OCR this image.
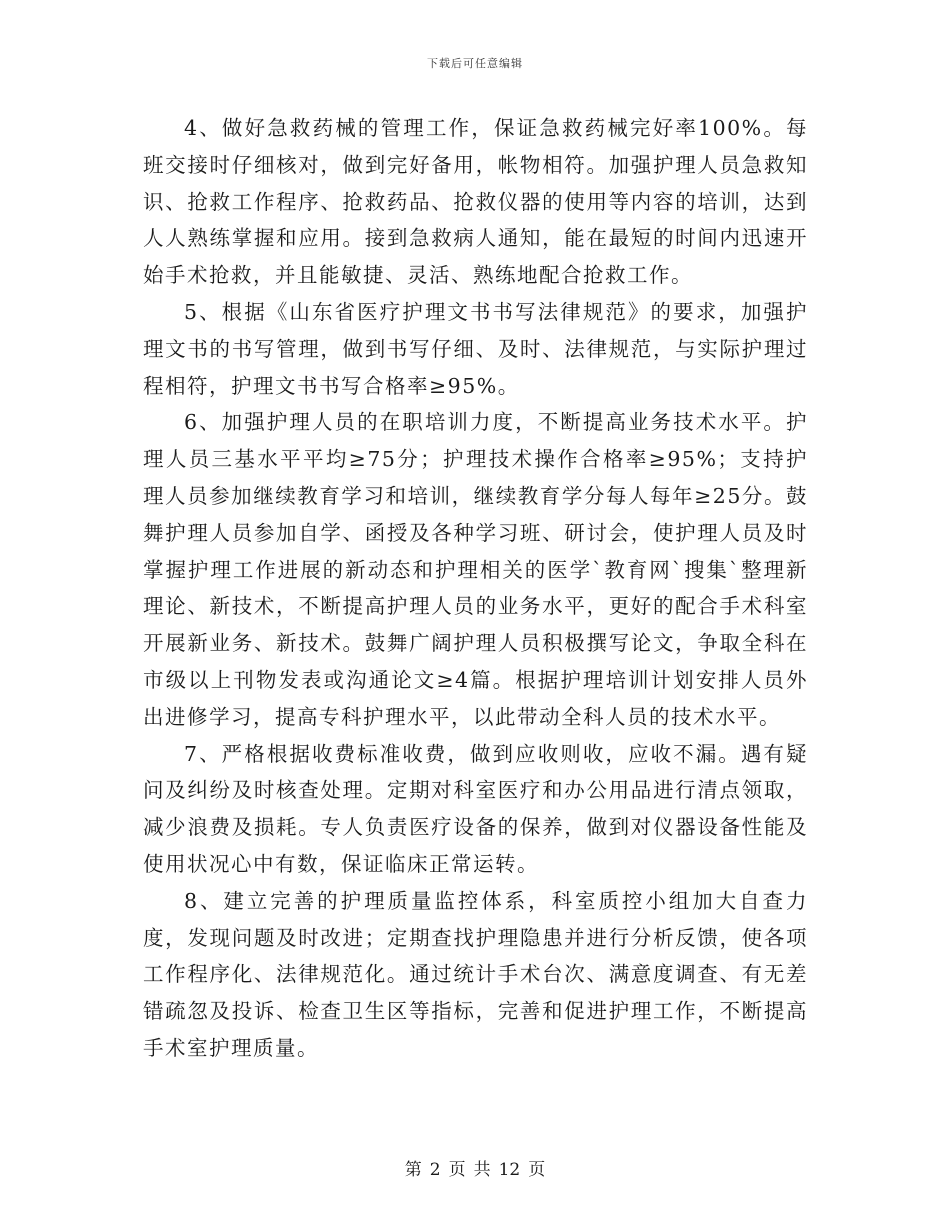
下载后可任意编辑

4、做好急救药械的管理工作，保证急救药械完好率100%。每班交接时仔细核对，做到完好备用，帐物相符。加强护理人员急救知识、抢救工作程序、抢救药品、抢救仪器的使用等内容的培训，达到人人熟练掌握和应用。接到急救病人通知，能在最短的时间内迅速开始手术抢救，并且能敏捷、灵活、熟练地配合抢救工作。

5、根据《山东省医疗护理文书书写法律规范》的要求，加强护理文书的书写管理，做到书写仔细、及时、法律规范，与实际护理过程相符，护理文书书写合格率≥95%。

6、加强护理人员的在职培训力度，不断提高业务技术水平。护理人员三基水平平均≥75分；护理技术操作合格率≥95%；支持护理人员参加继续教育学习和培训，继续教育学分每人每年≥25分。鼓舞护理人员参加自学、函授及各种学习班、研讨会，使护理人员及时掌握护理工作进展的新动态和护理相关的医学`教育网`搜集`整理新理论、新技术，不断提高护理人员的业务水平，更好的配合手术科室开展新业务、新技术。鼓舞广阔护理人员积极撰写论文，争取全科在市级以上刊物发表或沟通论文≥4篇。根据护理培训计划安排人员外出进修学习，提高专科护理水平，以此带动全科人员的技术水平。

7、严格根据收费标准收费，做到应收则收，应收不漏。遇有疑问及纠纷及时核查处理。定期对科室医疗和办公用品进行清点领取，减少浪费及损耗。专人负责医疗设备的保养，做到对仪器设备性能及使用状况心中有数，保证临床正常运转。

8、建立完善的护理质量监控体系，科室质控小组加大自查力度，发现问题及时改进；定期查找护理隐患并进行分析反馈，使各项工作程序化、法律规范化。通过统计手术台次、满意度调查、有无差错疏忽及投诉、检查卫生区等指标，完善和促进护理工作，不断提高手术室护理质量。

第 2 页 共 12 页
